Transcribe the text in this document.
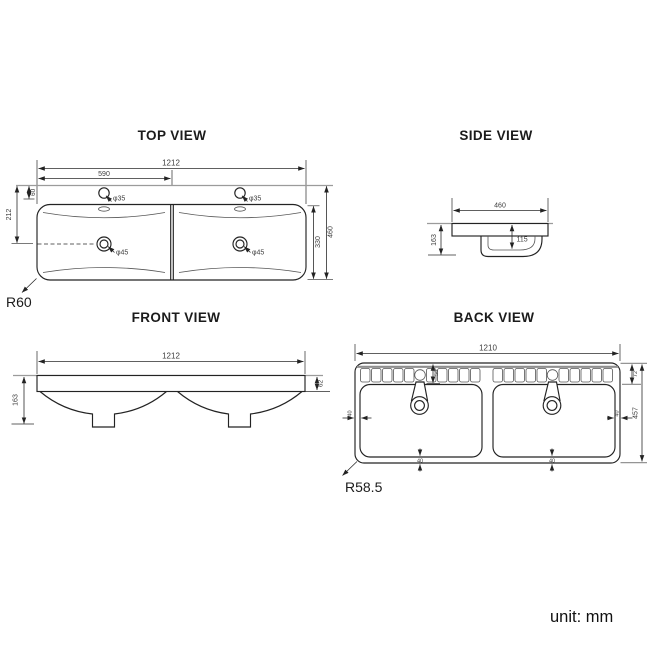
TOP VIEW
1212
590
φ35	φ35
φ45	φ45
60
212
330
460
R60
SIDE VIEW
460
115
163
FRONT VIEW
1212
62
163
BACK VIEW
1210
58	72
457
40	40
40	40
R58.5
unit: mm
